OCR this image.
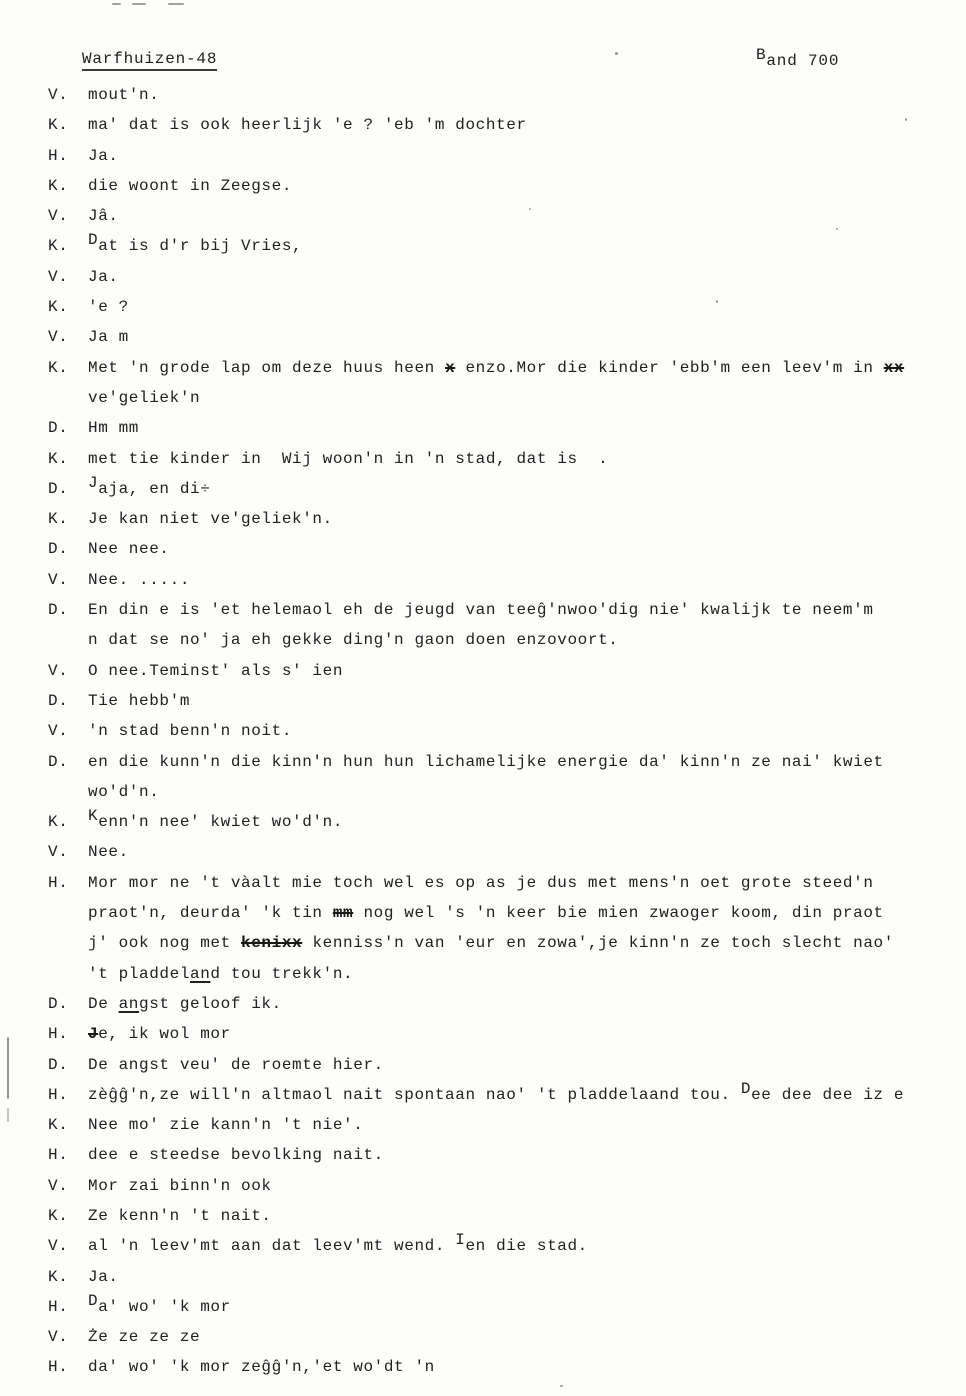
Warfhuizen-48	Band 700
V.	mout'n.
K.	ma' dat is ook heerlijk 'e ? 'eb 'm dochter
H.	Ja.
K.	die woont in Zeegse.
V.	Jâ.
K.	Dat is d'r bij Vries,
V.	Ja.
K.	'e ?
V.	Ja m
K.	Met 'n grode lap om deze huus heen x enzo.Mor die kinder 'ebb'm een leev'm in xx
ve'geliek'n
D.	Hm mm
K.	met tie kinder in  Wij woon'n in 'n stad, dat is  .
D.	Jaja, en di÷
K.	Je kan niet ve'geliek'n.
D.	Nee nee.
V.	Nee. .....
D.	En din e is 'et helemaol eh de jeugd van teeĝ'nwoo'dig nie' kwalijk te neem'm
n dat se no' ja eh gekke ding'n gaon doen enzovoort.
V.	O nee.Teminst' als s' ien
D.	Tie hebb'm
V.	'n stad benn'n noit.
D.	en die kunn'n die kinn'n hun hun lichamelijke energie da' kinn'n ze nai' kwiet
wo'd'n.
K.	Kenn'n nee' kwiet wo'd'n.
V.	Nee.
H.	Mor mor ne 't vàalt mie toch wel es op as je dus met mens'n oet grote steed'n
praot'n, deurda' 'k tin mm nog wel 's 'n keer bie mien zwaoger koom, din praot
j' ook nog met kenixx kenniss'n van 'eur en zowa',je kinn'n ze toch slecht nao'
't pladdeland tou trekk'n.
D.	De angst geloof ik.
H.	Je, ik wol mor
D.	De angst veu' de roemte hier.
H.	zèĝĝ'n,ze will'n altmaol nait spontaan nao' 't pladdelaand tou. Dee dee dee iz e
K.	Nee mo' zie kann'n 't nie'.
H.	dee e steedse bevolking nait.
V.	Mor zai binn'n ook
K.	Ze kenn'n 't nait.
V.	al 'n leev'mt aan dat leev'mt wend. Ien die stad.
K.	Ja.
H.	Da' wo' 'k mor
V.	Że ze ze ze
H.	da' wo' 'k mor zeĝĝ'n,'et wo'dt 'n
